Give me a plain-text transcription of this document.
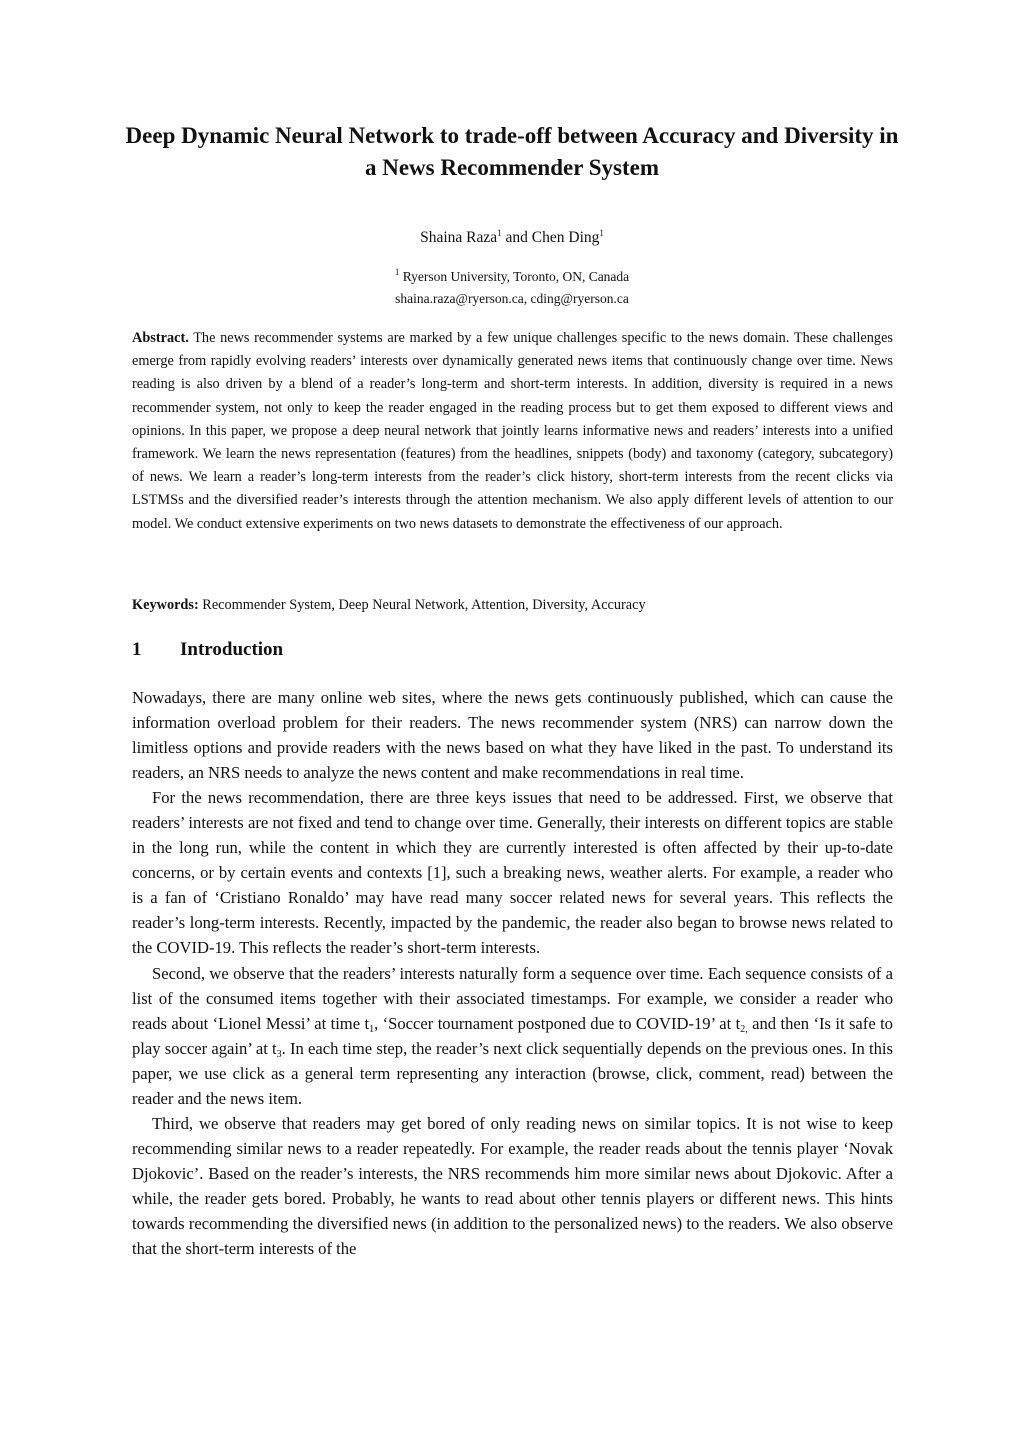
Deep Dynamic Neural Network to trade-off between Accuracy and Diversity in a News Recommender System
Shaina Raza$^1$ and Chen Ding$^1$
$^1$ Ryerson University, Toronto, ON, Canada
shaina.raza@ryerson.ca, cding@ryerson.ca

Abstract. The news recommender systems are marked by a few unique challenges specific to the news domain. These challenges emerge from rapidly evolving readers’ interests over dynamically generated news items that continuously change over time. News reading is also driven by a blend of a reader’s long-term and short-term interests. In addition, diversity is required in a news recommender system, not only to keep the reader engaged in the reading process but to get them exposed to different views and opinions. In this paper, we propose a deep neural network that jointly learns informative news and readers’ interests into a unified framework. We learn the news representation (features) from the headlines, snippets (body) and taxonomy (category, subcategory) of news. We learn a reader’s long-term interests from the reader’s click history, short-term interests from the recent clicks via LSTMSs and the diversified reader’s interests through the attention mechanism. We also apply different levels of attention to our model. We conduct extensive experiments on two news datasets to demonstrate the effectiveness of our approach.

Keywords: Recommender System, Deep Neural Network, Attention, Diversity, Accuracy

1 Introduction

Nowadays, there are many online web sites, where the news gets continuously published, which can cause the information overload problem for their readers. The news recommender system (NRS) can narrow down the limitless options and provide readers with the news based on what they have liked in the past. To understand its readers, an NRS needs to analyze the news content and make recommendations in real time.

For the news recommendation, there are three keys issues that need to be addressed. First, we observe that readers’ interests are not fixed and tend to change over time. Generally, their interests on different topics are stable in the long run, while the content in which they are currently interested is often affected by their up-to-date concerns, or by certain events and contexts [1], such a breaking news, weather alerts. For example, a reader who is a fan of ‘Cristiano Ronaldo’ may have read many soccer related news for several years. This reflects the reader’s long-term interests. Recently, impacted by the pandemic, the reader also began to browse news related to the COVID-19. This reflects the reader’s short-term interests.

Second, we observe that the readers’ interests naturally form a sequence over time. Each sequence consists of a list of the consumed items together with their associated timestamps. For example, we consider a reader who reads about ‘Lionel Messi’ at time $t_1$, ‘Soccer tournament postponed due to COVID-19’ at $t_{2,}$ and then ‘Is it safe to play soccer again’ at $t_3$. In each time step, the reader’s next click sequentially depends on the previous ones. In this paper, we use click as a general term representing any interaction (browse, click, comment, read) between the reader and the news item.

Third, we observe that readers may get bored of only reading news on similar topics. It is not wise to keep recommending similar news to a reader repeatedly. For example, the reader reads about the tennis player ‘Novak Djokovic’. Based on the reader’s interests, the NRS recommends him more similar news about Djokovic. After a while, the reader gets bored. Probably, he wants to read about other tennis players or different news. This hints towards recommending the diversified news (in addition to the personalized news) to the readers. We also observe that the short-term interests of the
